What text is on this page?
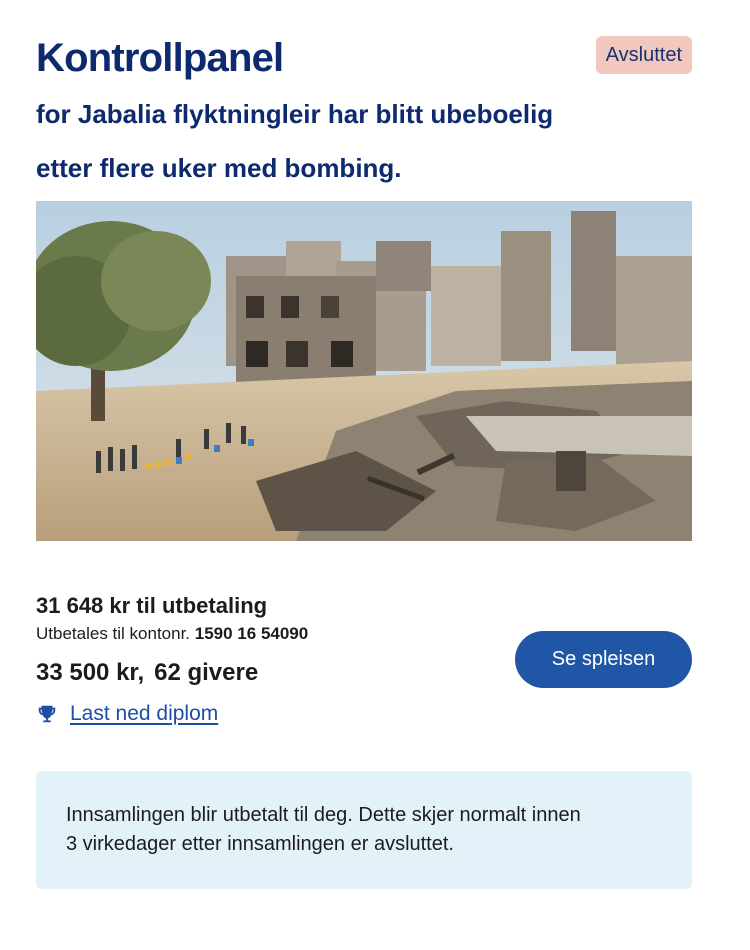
Kontrollpanel	Avsluttet
for Jabalia flyktningleir har blitt ubeboelig
etter flere uker med bombing.
31 648 kr til utbetaling
Utbetales til kontonr. 1590 16 54090
33 500 kr, 62 givere
Last ned diplom
Se spleisen

Innsamlingen blir utbetalt til deg. Dette skjer normalt innen

3 virkedager etter innsamlingen er avsluttet.
